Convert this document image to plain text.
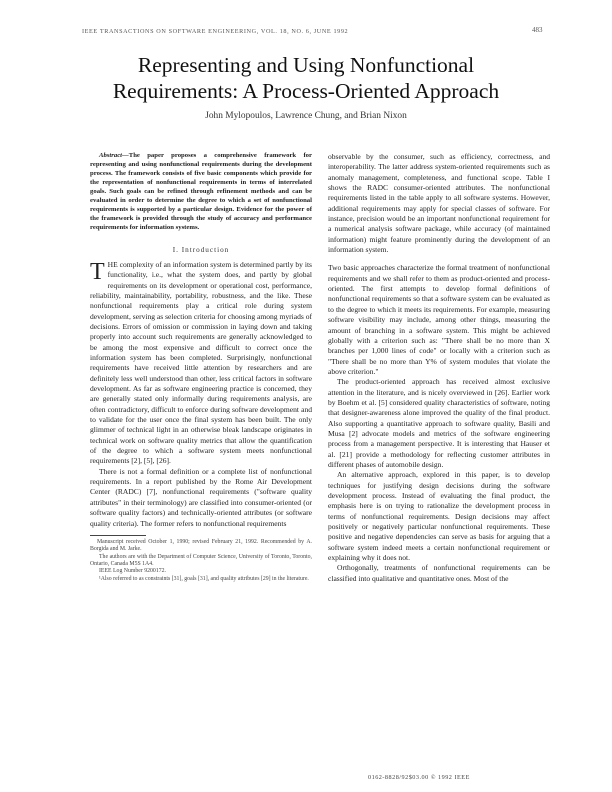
IEEE TRANSACTIONS ON SOFTWARE ENGINEERING, VOL. 18, NO. 6, JUNE 1992	483
Representing and Using Nonfunctional
Requirements: A Process-Oriented Approach
John Mylopoulos, Lawrence Chung, and Brian Nixon

Abstract—The paper proposes a comprehensive framework for representing and using nonfunctional requirements during the development process. The framework consists of five basic components which provide for the representation of nonfunctional requirements in terms of interrelated goals. Such goals can be refined through refinement methods and can be evaluated in order to determine the degree to which a set of nonfunctional requirements is supported by a particular design. Evidence for the power of the framework is provided through the study of accuracy and performance requirements for information systems.

I. Introduction

THE complexity of an information system is determined partly by its functionality, i.e., what the system does, and partly by global requirements on its development or operational cost, performance, reliability, maintainability, portability, robustness, and the like. These nonfunctional requirements play a critical role during system development, serving as selection criteria for choosing among myriads of decisions. Errors of omission or commission in laying down and taking properly into account such requirements are generally acknowledged to be among the most expensive and difficult to correct once the information system has been completed. Surprisingly, nonfunctional requirements have received little attention by researchers and are definitely less well understood than other, less critical factors in software development. As far as software engineering practice is concerned, they are generally stated only informally during requirements analysis, are often contradictory, difficult to enforce during software development and to validate for the user once the final system has been built. The only glimmer of technical light in an otherwise bleak landscape originates in technical work on software quality metrics that allow the quantification of the degree to which a software system meets nonfunctional requirements [2], [5], [26].

There is not a formal definition or a complete list of nonfunctional requirements. In a report published by the Rome Air Development Center (RADC) [7], nonfunctional requirements ("software quality attributes" in their terminology) are classified into consumer-oriented (or software quality factors) and technically-oriented attributes (or software quality criteria). The former refers to nonfunctional requirements

Manuscript received October 1, 1990; revised February 21, 1992. Recommended by A. Borgida and M. Jarke.

The authors are with the Department of Computer Science, University of Toronto, Toronto, Ontario, Canada M5S 1A4.

IEEE Log Number 9200172.

¹Also referred to as constraints [31], goals [31], and quality attributes [29] in the literature.

observable by the consumer, such as efficiency, correctness, and interoperability. The latter address system-oriented requirements such as anomaly management, completeness, and functional scope. Table I shows the RADC consumer-oriented attributes. The nonfunctional requirements listed in the table apply to all software systems. However, additional requirements may apply for special classes of software. For instance, precision would be an important nonfunctional requirement for a numerical analysis software package, while accuracy (of maintained information) might feature prominently during the development of an information system.

Two basic approaches characterize the formal treatment of nonfunctional requirements and we shall refer to them as product-oriented and process-oriented. The first attempts to develop formal definitions of nonfunctional requirements so that a software system can be evaluated as to the degree to which it meets its requirements. For example, measuring software visibility may include, among other things, measuring the amount of branching in a software system. This might be achieved globally with a criterion such as: "There shall be no more than X branches per 1,000 lines of code" or locally with a criterion such as "There shall be no more than Y% of system modules that violate the above criterion."

The product-oriented approach has received almost exclusive attention in the literature, and is nicely overviewed in [26]. Earlier work by Boehm et al. [5] considered quality characteristics of software, noting that designer-awareness alone improved the quality of the final product. Also supporting a quantitative approach to software quality, Basili and Musa [2] advocate models and metrics of the software engineering process from a management perspective. It is interesting that Hauser et al. [21] provide a methodology for reflecting customer attributes in different phases of automobile design.

An alternative approach, explored in this paper, is to develop techniques for justifying design decisions during the software development process. Instead of evaluating the final product, the emphasis here is on trying to rationalize the development process in terms of nonfunctional requirements. Design decisions may affect positively or negatively particular nonfunctional requirements. These positive and negative dependencies can serve as basis for arguing that a software system indeed meets a certain nonfunctional requirement or explaining why it does not.

Orthogonally, treatments of nonfunctional requirements can be classified into qualitative and quantitative ones. Most of the

0162-8828/92$03.00 © 1992 IEEE
